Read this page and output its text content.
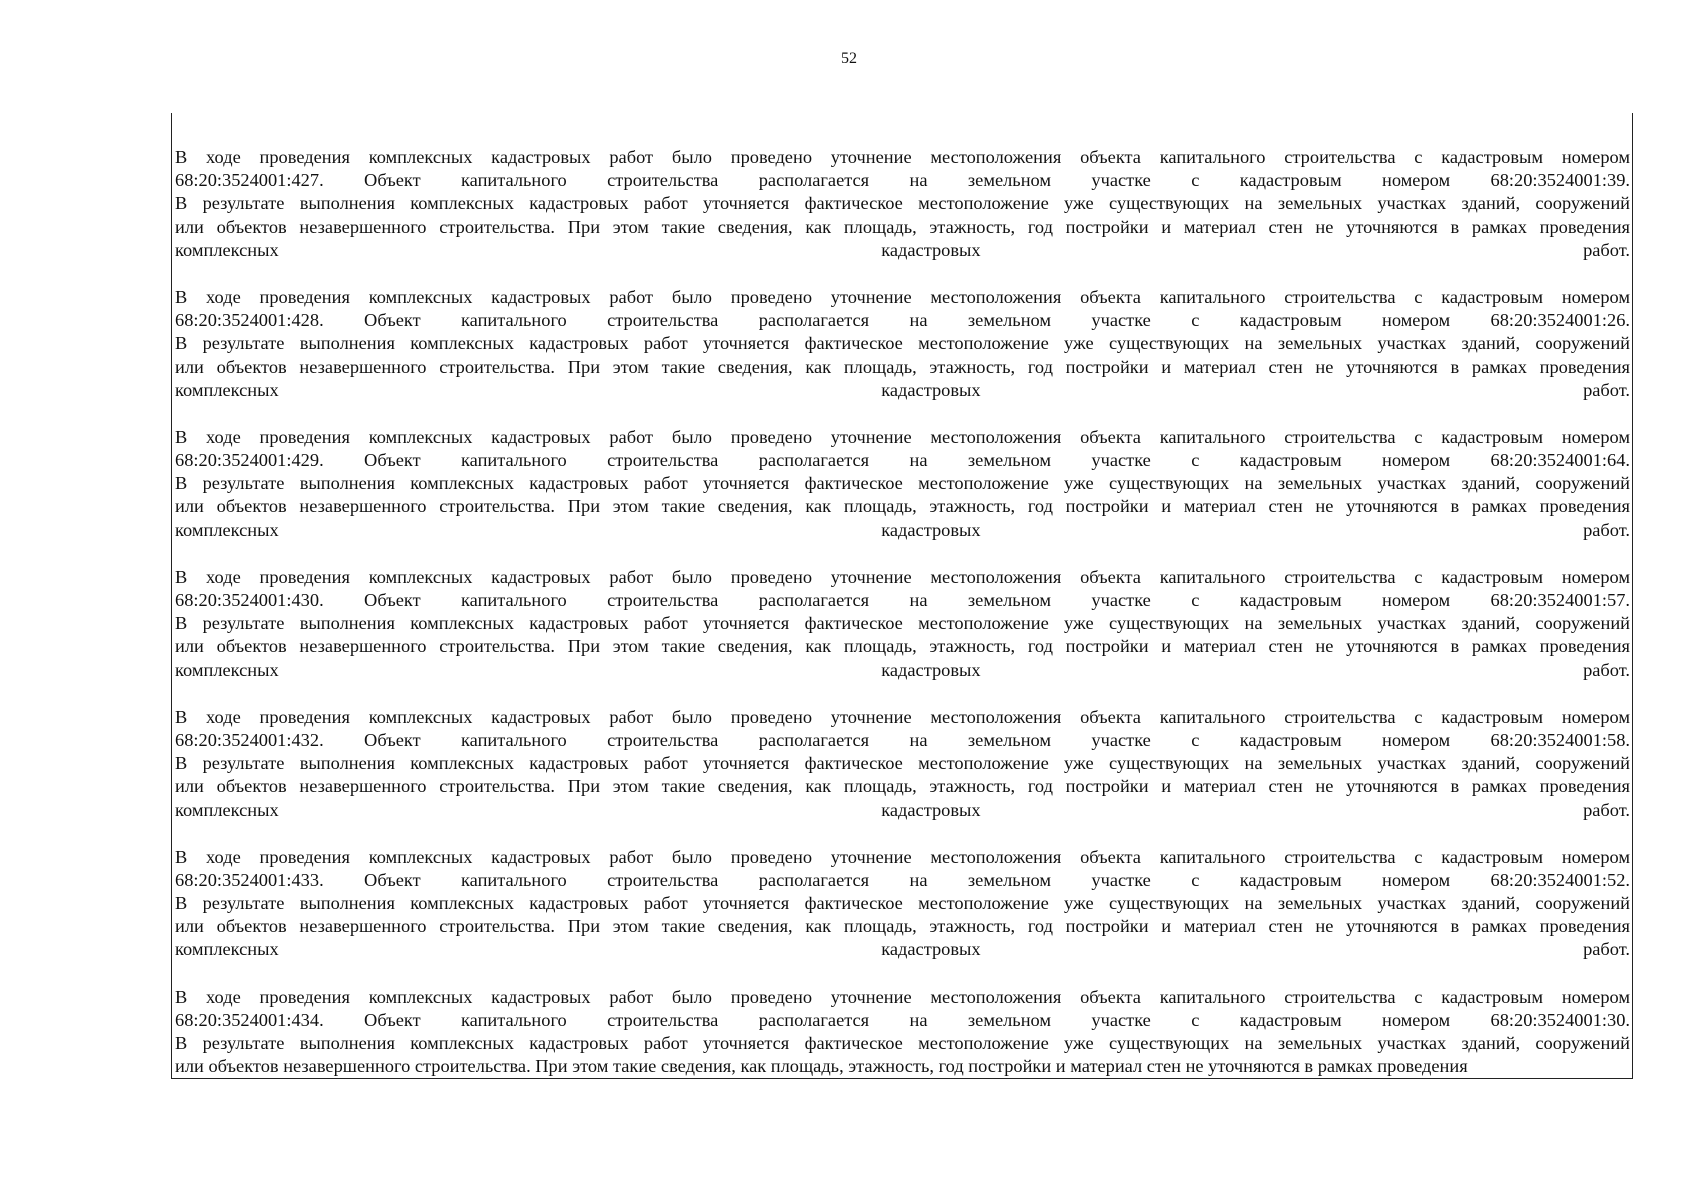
52
В ходе проведения комплексных кадастровых работ было проведено уточнение местоположения объекта капитального строительства с кадастровым номером
68:20:3524001:427. Объект капитального строительства располагается на земельном участке с кадастровым номером 68:20:3524001:39.
В результате выполнения комплексных кадастровых работ уточняется фактическое местоположение уже существующих на земельных участках зданий, сооружений
или объектов незавершенного строительства. При этом такие сведения, как площадь, этажность, год постройки и материал стен не уточняются в рамках проведения
комплексных кадастровых работ.
В ходе проведения комплексных кадастровых работ было проведено уточнение местоположения объекта капитального строительства с кадастровым номером
68:20:3524001:428. Объект капитального строительства располагается на земельном участке с кадастровым номером 68:20:3524001:26.
В результате выполнения комплексных кадастровых работ уточняется фактическое местоположение уже существующих на земельных участках зданий, сооружений
или объектов незавершенного строительства. При этом такие сведения, как площадь, этажность, год постройки и материал стен не уточняются в рамках проведения
комплексных кадастровых работ.
В ходе проведения комплексных кадастровых работ было проведено уточнение местоположения объекта капитального строительства с кадастровым номером
68:20:3524001:429. Объект капитального строительства располагается на земельном участке с кадастровым номером 68:20:3524001:64.
В результате выполнения комплексных кадастровых работ уточняется фактическое местоположение уже существующих на земельных участках зданий, сооружений
или объектов незавершенного строительства. При этом такие сведения, как площадь, этажность, год постройки и материал стен не уточняются в рамках проведения
комплексных кадастровых работ.
В ходе проведения комплексных кадастровых работ было проведено уточнение местоположения объекта капитального строительства с кадастровым номером
68:20:3524001:430. Объект капитального строительства располагается на земельном участке с кадастровым номером 68:20:3524001:57.
В результате выполнения комплексных кадастровых работ уточняется фактическое местоположение уже существующих на земельных участках зданий, сооружений
или объектов незавершенного строительства. При этом такие сведения, как площадь, этажность, год постройки и материал стен не уточняются в рамках проведения
комплексных кадастровых работ.
В ходе проведения комплексных кадастровых работ было проведено уточнение местоположения объекта капитального строительства с кадастровым номером
68:20:3524001:432. Объект капитального строительства располагается на земельном участке с кадастровым номером 68:20:3524001:58.
В результате выполнения комплексных кадастровых работ уточняется фактическое местоположение уже существующих на земельных участках зданий, сооружений
или объектов незавершенного строительства. При этом такие сведения, как площадь, этажность, год постройки и материал стен не уточняются в рамках проведения
комплексных кадастровых работ.
В ходе проведения комплексных кадастровых работ было проведено уточнение местоположения объекта капитального строительства с кадастровым номером
68:20:3524001:433. Объект капитального строительства располагается на земельном участке с кадастровым номером 68:20:3524001:52.
В результате выполнения комплексных кадастровых работ уточняется фактическое местоположение уже существующих на земельных участках зданий, сооружений
или объектов незавершенного строительства. При этом такие сведения, как площадь, этажность, год постройки и материал стен не уточняются в рамках проведения
комплексных кадастровых работ.
В ходе проведения комплексных кадастровых работ было проведено уточнение местоположения объекта капитального строительства с кадастровым номером
68:20:3524001:434. Объект капитального строительства располагается на земельном участке с кадастровым номером 68:20:3524001:30.
В результате выполнения комплексных кадастровых работ уточняется фактическое местоположение уже существующих на земельных участках зданий, сооружений
или объектов незавершенного строительства. При этом такие сведения, как площадь, этажность, год постройки и материал стен не уточняются в рамках проведения
